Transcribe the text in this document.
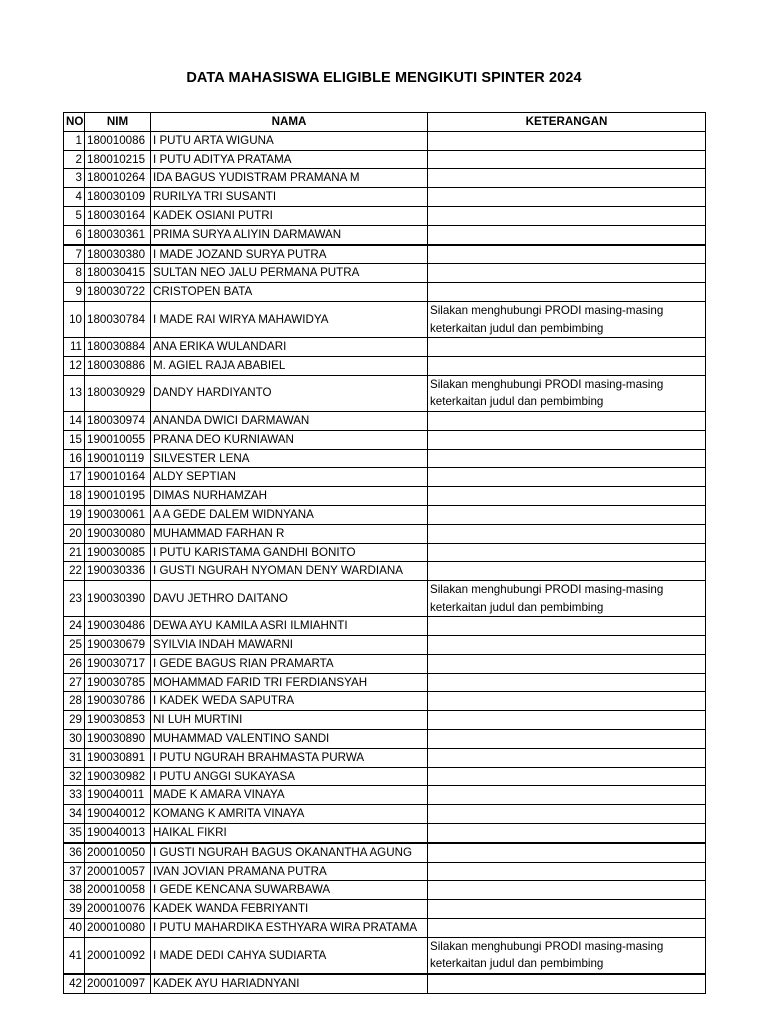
DATA MAHASISWA ELIGIBLE MENGIKUTI SPINTER 2024
NO	NIM	NAMA	KETERANGAN
1	180010086	I PUTU ARTA WIGUNA	
2	180010215	I PUTU ADITYA PRATAMA	
3	180010264	IDA BAGUS YUDISTRAM PRAMANA M	
4	180030109	RURILYA TRI SUSANTI	
5	180030164	KADEK OSIANI PUTRI	
6	180030361	PRIMA SURYA ALIYIN DARMAWAN	
7	180030380	I MADE JOZAND SURYA PUTRA	
8	180030415	SULTAN NEO JALU PERMANA PUTRA	
9	180030722	CRISTOPEN BATA	
10	180030784	I MADE RAI WIRYA MAHAWIDYA	Silakan menghubungi PRODI masing-masing keterkaitan judul dan pembimbing
11	180030884	ANA ERIKA WULANDARI	
12	180030886	M. AGIEL RAJA ABABIEL	
13	180030929	DANDY HARDIYANTO	Silakan menghubungi PRODI masing-masing keterkaitan judul dan pembimbing
14	180030974	ANANDA DWICI DARMAWAN	
15	190010055	PRANA DEO KURNIAWAN	
16	190010119	SILVESTER LENA	
17	190010164	ALDY SEPTIAN	
18	190010195	DIMAS NURHAMZAH	
19	190030061	A A GEDE DALEM WIDNYANA	
20	190030080	MUHAMMAD FARHAN R	
21	190030085	I PUTU KARISTAMA GANDHI BONITO	
22	190030336	I GUSTI NGURAH NYOMAN DENY WARDIANA	
23	190030390	DAVU JETHRO DAITANO	Silakan menghubungi PRODI masing-masing keterkaitan judul dan pembimbing
24	190030486	DEWA AYU KAMILA ASRI ILMIAHNTI	
25	190030679	SYILVIA INDAH MAWARNI	
26	190030717	I GEDE BAGUS RIAN PRAMARTA	
27	190030785	MOHAMMAD FARID TRI FERDIANSYAH	
28	190030786	I KADEK WEDA SAPUTRA	
29	190030853	NI LUH MURTINI	
30	190030890	MUHAMMAD VALENTINO SANDI	
31	190030891	I PUTU NGURAH BRAHMASTA PURWA	
32	190030982	I PUTU ANGGI SUKAYASA	
33	190040011	MADE K AMARA VINAYA	
34	190040012	KOMANG K AMRITA VINAYA	
35	190040013	HAIKAL FIKRI	
36	200010050	I GUSTI NGURAH BAGUS OKANANTHA AGUNG	
37	200010057	IVAN JOVIAN PRAMANA PUTRA	
38	200010058	I GEDE KENCANA SUWARBAWA	
39	200010076	KADEK WANDA FEBRIYANTI	
40	200010080	I PUTU MAHARDIKA ESTHYARA WIRA PRATAMA	
41	200010092	I MADE DEDI CAHYA SUDIARTA	Silakan menghubungi PRODI masing-masing keterkaitan judul dan pembimbing
42	200010097	KADEK AYU HARIADNYANI	
